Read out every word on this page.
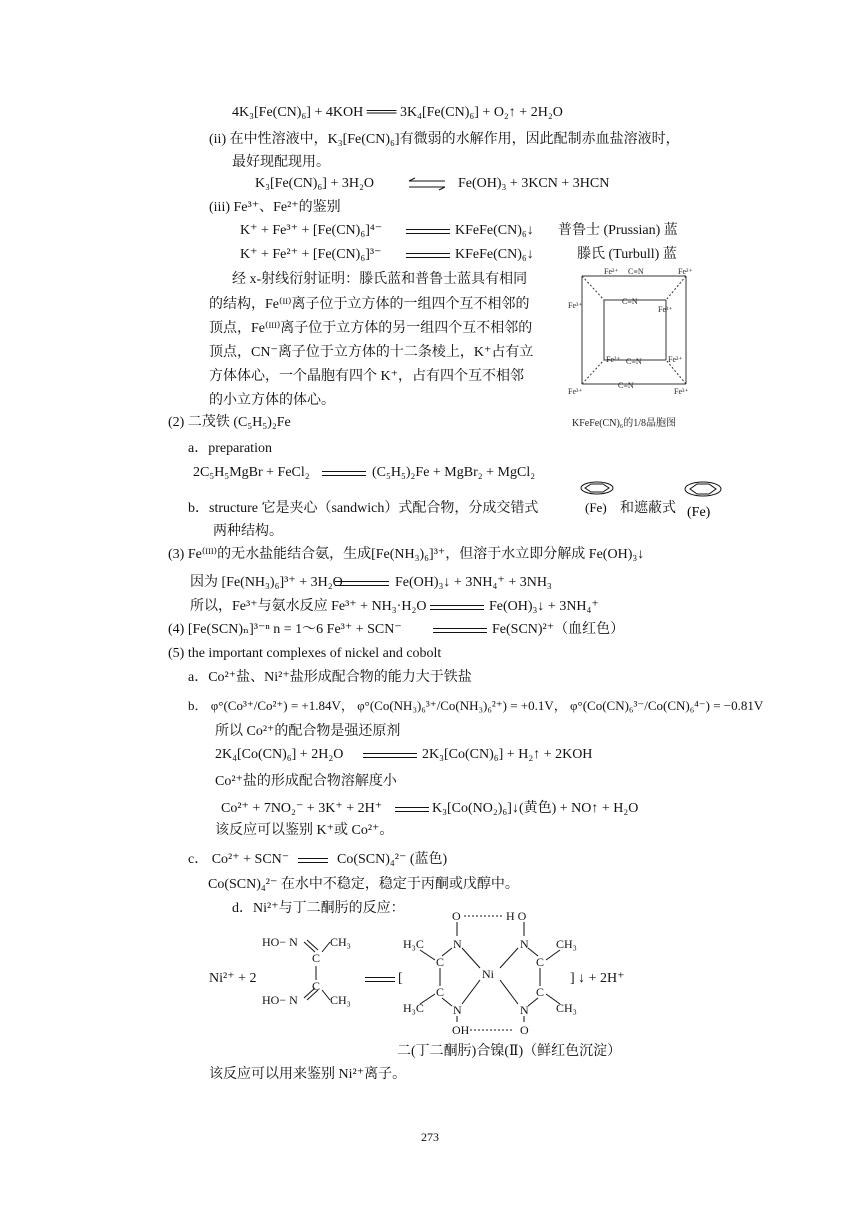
4K₃[Fe(CN)₆] + 4KOH ═══ 3K₄[Fe(CN)₆] + O₂↑ + 2H₂O
(ii) 在中性溶液中，K₃[Fe(CN)₆]有微弱的水解作用，因此配制赤血盐溶液时，
最好现配现用。
K₃[Fe(CN)₆] + 3H₂O ⇌ Fe(OH)₃ + 3KCN + 3HCN
(iii) Fe³⁺、Fe²⁺的鉴别
K⁺ + Fe³⁺ + [Fe(CN)₆]⁴⁻	KFeFe(CN)₆↓ 普鲁士 (Prussian) 蓝
K⁺ + Fe²⁺ + [Fe(CN)₆]³⁻	KFeFe(CN)₆↓	滕氏 (Turbull) 蓝
经 x-射线衍射证明：滕氏蓝和普鲁士蓝具有相同
的结构，Fe⁽ᴵᴵ⁾离子位于立方体的一组四个互不相邻的
顶点，Fe⁽ᴵᴵᴵ⁾离子位于立方体的另一组四个互不相邻的
顶点，CN⁻离子位于立方体的十二条棱上，K⁺占有立
方体体心，一个晶胞有四个 K⁺，占有四个互不相邻
的小立方体的体心。
Fe²⁺	Fe²⁺
Fe³⁺	Fe³⁺
Fe²⁺	Fe²⁺
Fe³⁺	Fe³⁺
C≡N
C≡N
C≡N
C≡N
KFeFe(CN)₆的1/8晶胞图
(2) 二茂铁 (C₅H₅)₂Fe
a．preparation
2C₅H₅MgBr + FeCl₂	(C₅H₅)₂Fe + MgBr₂ + MgCl₂
b．structure 它是夹心（sandwich）式配合物，分成交错式	(Fe) 和遮蔽式 (Fe)
两种结构。
(3) Fe⁽ᴵᴵᴵ⁾的无水盐能结合氨，生成[Fe(NH₃)₆]³⁺，但溶于水立即分解成 Fe(OH)₃↓
因为 [Fe(NH₃)₆]³⁺ + 3H₂O	Fe(OH)₃↓ + 3NH₄⁺ + 3NH₃
所以，Fe³⁺与氨水反应 Fe³⁺ + NH₃·H₂O	Fe(OH)₃↓ + 3NH₄⁺
(4) [Fe(SCN)ₙ]³⁻ⁿ n = 1～6 Fe³⁺ + SCN⁻	Fe(SCN)²⁺（血红色）
(5) the important complexes of nickel and cobolt
a．Co²⁺盐、Ni²⁺盐形成配合物的能力大于铁盐
b． φ°(Co³⁺/Co²⁺) = +1.84V， φ°(Co(NH₃)₆³⁺/Co(NH₃)₆²⁺) = +0.1V， φ°(Co(CN)₆³⁻/Co(CN)₆⁴⁻) = −0.81V
所以 Co²⁺的配合物是强还原剂
2K₄[Co(CN)₆] + 2H₂O	2K₃[Co(CN)₆] + H₂↑ + 2KOH
Co²⁺盐的形成配合物溶解度小
Co²⁺ + 7NO₂⁻ + 3K⁺ + 2H⁺	K₃[Co(NO₂)₆]↓(黄色) + NO↑ + H₂O
该反应可以鉴别 K⁺或 Co²⁺。
c． Co²⁺ + SCN⁻	Co(SCN)₄²⁻ (蓝色)
Co(SCN)₄²⁻ 在水中不稳定，稳定于丙酮或戊醇中。
d．Ni²⁺与丁二酮肟的反应：
Ni²⁺ + 2
HO− N	CH₃
C
C
HO− N	CH₃
[
O	H O
N	N
H₃C	CH₃
C	C
Ni
C	C
H₃C	CH₃
N	N
OH	O
] ↓ + 2H⁺
二(丁二酮肟)合镍(Ⅱ)（鲜红色沉淀）
该反应可以用来鉴别 Ni²⁺离子。
273
